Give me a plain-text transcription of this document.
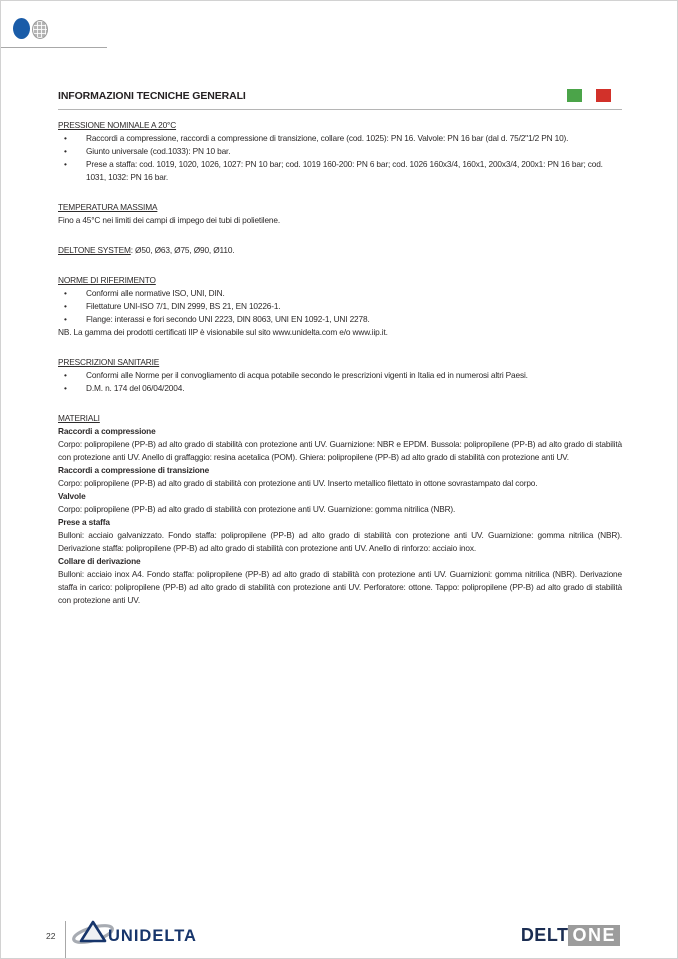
INFORMAZIONI TECNICHE GENERALI
PRESSIONE NOMINALE A 20°C
• Raccordi a compressione, raccordi a compressione di transizione, collare (cod. 1025): PN 16. Valvole: PN 16 bar (dal d. 75/2"1/2 PN 10).
• Giunto universale (cod.1033): PN 10 bar.
• Prese a staffa: cod. 1019, 1020, 1026, 1027: PN 10 bar; cod. 1019 160-200: PN 6 bar; cod. 1026 160x3/4, 160x1, 200x3/4, 200x1: PN 16 bar; cod. 1031, 1032: PN 16 bar.
TEMPERATURA MASSIMA

Fino a 45°C nei limiti dei campi di impego dei tubi di polietilene.

DELTONE SYSTEM: Ø50, Ø63, Ø75, Ø90, Ø110.

NORME DI RIFERIMENTO
• Conformi alle normative ISO, UNI, DIN.
• Filettature UNI-ISO 7/1, DIN 2999, BS 21, EN 10226-1.
• Flange: interassi e fori secondo UNI 2223, DIN 8063, UNI EN 1092-1, UNI 2278.

NB. La gamma dei prodotti certificati IIP è visionabile sul sito www.unidelta.com e/o www.iip.it.

PRESCRIZIONI SANITARIE
• Conformi alle Norme per il convogliamento di acqua potabile secondo le prescrizioni vigenti in Italia ed in numerosi altri Paesi.
• D.M. n. 174 del 06/04/2004.
MATERIALI
Raccordi a compressione

Corpo: polipropilene (PP-B) ad alto grado di stabilità con protezione anti UV. Guarnizione: NBR e EPDM. Bussola: polipropilene (PP-B) ad alto grado di stabilità con protezione anti UV. Anello di graffaggio: resina acetalica (POM). Ghiera: polipropilene (PP-B) ad alto grado di stabilità con protezione anti UV.

Raccordi a compressione di transizione

Corpo: polipropilene (PP-B) ad alto grado di stabilità con protezione anti UV. Inserto metallico filettato in ottone sovrastampato dal corpo.

Valvole

Corpo: polipropilene (PP-B) ad alto grado di stabilità con protezione anti UV. Guarnizione: gomma nitrilica (NBR).

Prese a staffa

Bulloni: acciaio galvanizzato. Fondo staffa: polipropilene (PP-B) ad alto grado di stabilità con protezione anti UV. Guarnizione: gomma nitrilica (NBR). Derivazione staffa: polipropilene (PP-B) ad alto grado di stabilità con protezione anti UV. Anello di rinforzo: acciaio inox.

Collare di derivazione

Bulloni: acciaio inox A4. Fondo staffa: polipropilene (PP-B) ad alto grado di stabilità con protezione anti UV. Guarnizioni: gomma nitrilica (NBR). Derivazione staffa in carico: polipropilene (PP-B) ad alto grado di stabilità con protezione anti UV. Perforatore: ottone. Tappo: polipropilene (PP-B) ad alto grado di stabilità con protezione anti UV.

22	UNIDELTA	DELT ONE
